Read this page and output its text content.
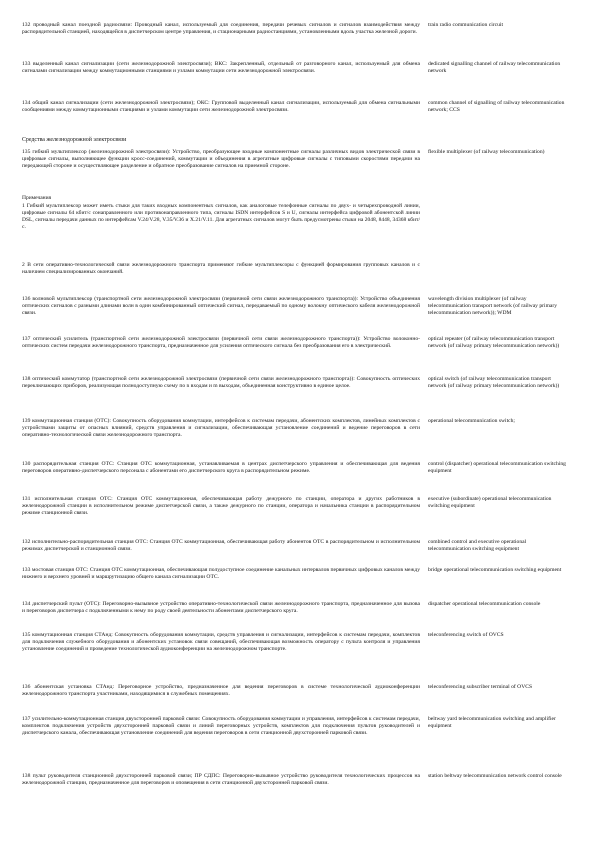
132 проводный канал поездной радиосвязи: Проводный канал, используемый для соединения, передачи речевых сигналов и сигналов взаимодействия между распорядительной станцией, находящейся в диспетчерском центре управления, и стационарными радиостанциями, установленными вдоль участка железной дороги.

train radio communication circuit

133 выделенный канал сигнализации (сети железнодорожной электросвязи); ВКС: Закрепленный, отдельный от разговорного канал, используемый для обмена сигналами сигнализации между коммутационными станциями и узлами коммутации сети железнодорожной электросвязи.

dedicated signalling channel of railway telecommunication network

134 общий канал сигнализации (сети железнодорожной электросвязи); ОКС: Групповой выделенный канал сигнализации, используемый для обмена сигнальными сообщениями между коммутационными станциями и узлами коммутации сети железнодорожной электросвязи.

common channel of signalling of railway telecommunication network; CCS

Средства железнодорожной электросвязи

135 гибкий мультиплексор (железнодорожной электросвязи): Устройство, преобразующее входные компонентные сигналы различных видов электрической связи в цифровые сигналы, выполняющее функции кросс-соединений, коммутации и объединения в агрегатные цифровые сигналы с типовыми скоростями передачи на передающей стороне и осуществляющее разделение и обратное преобразование сигналов на приемной стороне.

flexible multiplexer (of railway telecommunication)

Примечания

1 Гибкий мультиплексор может иметь стыки для таких входных компонентных сигналов, как аналоговые телефонные сигналы по двух- и четырехпроводной линии, цифровые сигналы 64 кбит/с сонаправленного или противонаправленного типа, сигналы ISDN интерфейсов S и U, сигналы интерфейса цифровой абонентской линии DSL, сигналы передачи данных по интерфейсам V.24/V.28, V.35/V.36 и X.21/V.11. Для агрегатных сигналов могут быть предусмотрены стыки на 2048, 8448, 34368 кбит/с.

2 В сети оперативно-технологической связи железнодорожного транспорта применяют гибкие мультиплексоры с функцией формирования групповых каналов и с наличием специализированных окончаний.

136 волновой мультиплексор (транспортной сети железнодорожной электросвязи (первичной сети связи железнодорожного транспорта)): Устройство объединения оптических сигналов с разными длинами волн в один комбинированный оптический сигнал, передаваемый по одному волокну оптического кабеля железнодорожной связи.

wavelength division multiplexer (of railway telecommunication transport network (of railway primary telecommunication network)); WDM

137 оптический усилитель (транспортной сети железнодорожной электросвязи (первичной сети связи железнодорожного транспорта)): Устройство волоконно-оптических систем передачи железнодорожного транспорта, предназначенное для усиления оптического сигнала без преобразования его в электрический.

optical repeater (of railway telecommunication transport network (of railway primary telecommunication network))

138 оптический коммутатор (транспортной сети железнодорожной электросвязи (первичной сети связи железнодорожного транспорта)): Совокупность оптических переключающих приборов, реализующая полнодоступную схему по n входам и m выходам, объединенная конструктивно в единое целое.

optical switch (of railway telecommunication transport network (of railway primary telecommunication network))

139 коммутационная станция (ОТС): Совокупность оборудования коммутации, интерфейсов к системам передачи, абонентских комплектов, линейных комплектов с устройствами защиты от опасных влияний, средств управления и сигнализации, обеспечивающая установление соединений и ведение переговоров в сети оперативно-технологической связи железнодорожного транспорта.

operational telecommunication switch;

130 распорядительная станция ОТС: Станция ОТС коммутационная, устанавливаемая в центрах диспетчерского управления и обеспечивающая для ведения переговоров оперативно-диспетчерского персонала с абонентами его диспетчерского круга в распорядительном режиме.

control (dispatcher) operational telecommunication switching equipment

131 исполнительная станция ОТС: Станция ОТС коммутационная, обеспечивающая работу дежурного по станции, оператора и других работников в железнодорожной станции в исполнительном режиме диспетчерской связи, а также дежурного по станции, оператора и начальника станции в распорядительном режиме станционной связи.

executive (subordinate) operational telecommunication switching equipment

132 исполнительно-распорядительная станция ОТС: Станция ОТС коммутационная, обеспечивающая работу абонентов ОТС в распорядительном и исполнительном режимах диспетчерской и станционной связи.

combined control and executive operational telecommunication switching equipment

133 мостовая станция ОТС: Станция ОТС коммутационная, обеспечивающая полудоступное соединение канальных интервалов первичных цифровых каналов между нижнего и верхнего уровней и маршрутизацию общего канала сигнализации ОТС.

bridge operational telecommunication switching equipment

134 диспетчерский пульт (ОТС): Переговорно-вызывное устройство оперативно-технологической связи железнодорожного транспорта, предназначенное для вызова и переговоров диспетчера с подключенными к нему по роду своей деятельности абонентами диспетчерского круга.

dispatcher operational telecommunication console

135 коммутационная станция СТАнд: Совокупность оборудования коммутации, средств управления и сигнализации, интерфейсов к системам передачи, комплектов для подключения служебного оборудования и абонентских установок связи совещаний, обеспечивающая возможность оператору с пульта контроля и управления установление соединений и проведение технологической аудиоконференции на железнодорожном транспорте.

teleconferencing switch of OVCS

136 абонентская установка СТАнд: Переговорное устройство, предназначенное для ведения переговоров в системе технологической аудиоконференции железнодорожного транспорта участниками, находящимися в служебных помещениях.

teleconferencing subscriber terminal of OVCS

137 усилительно-коммутационная станция двухсторонней парковой связи: Совокупность оборудования коммутации и управления, интерфейсов к системам передачи, комплектов подключения устройств двухсторонней парковой связи и линий переговорных устройств, комплектов для подключения пультов руководителей и диспетчерского канала, обеспечивающая установление соединений для ведения переговоров в сети станционной двухсторонней парковой связи.

beltway yard telecommunication switching and amplifier equipment

138 пульт руководителя станционной двухсторонней парковой связи; ПР СДПС: Переговорно-вызывное устройство руководителя технологических процессов на железнодорожной станции, предназначенное для переговоров и оповещения в сети станционной двухсторонней парковой связи.

station beltway telecommunication network control console
